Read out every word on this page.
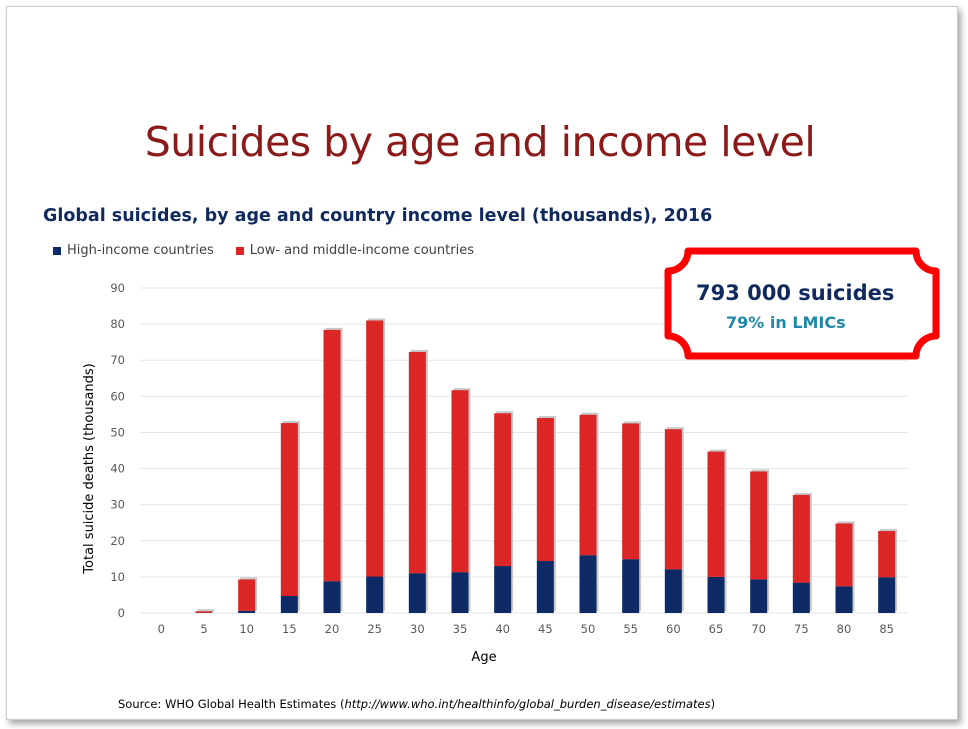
Suicides by age and income level
Global suicides, by age and country income level (thousands), 2016
High-income countries	Low- and middle-income countries
0
10
20
30
40
50
60
70
80
90
0	5	10 15 20 25 30 35 40 45 50 55 60 65 70 75 80 85
Age
Total suicide deaths (thousands)
793 000 suicides
79% in LMICs
Source: WHO Global Health Estimates (http://www.who.int/healthinfo/global_burden_disease/estimates)
